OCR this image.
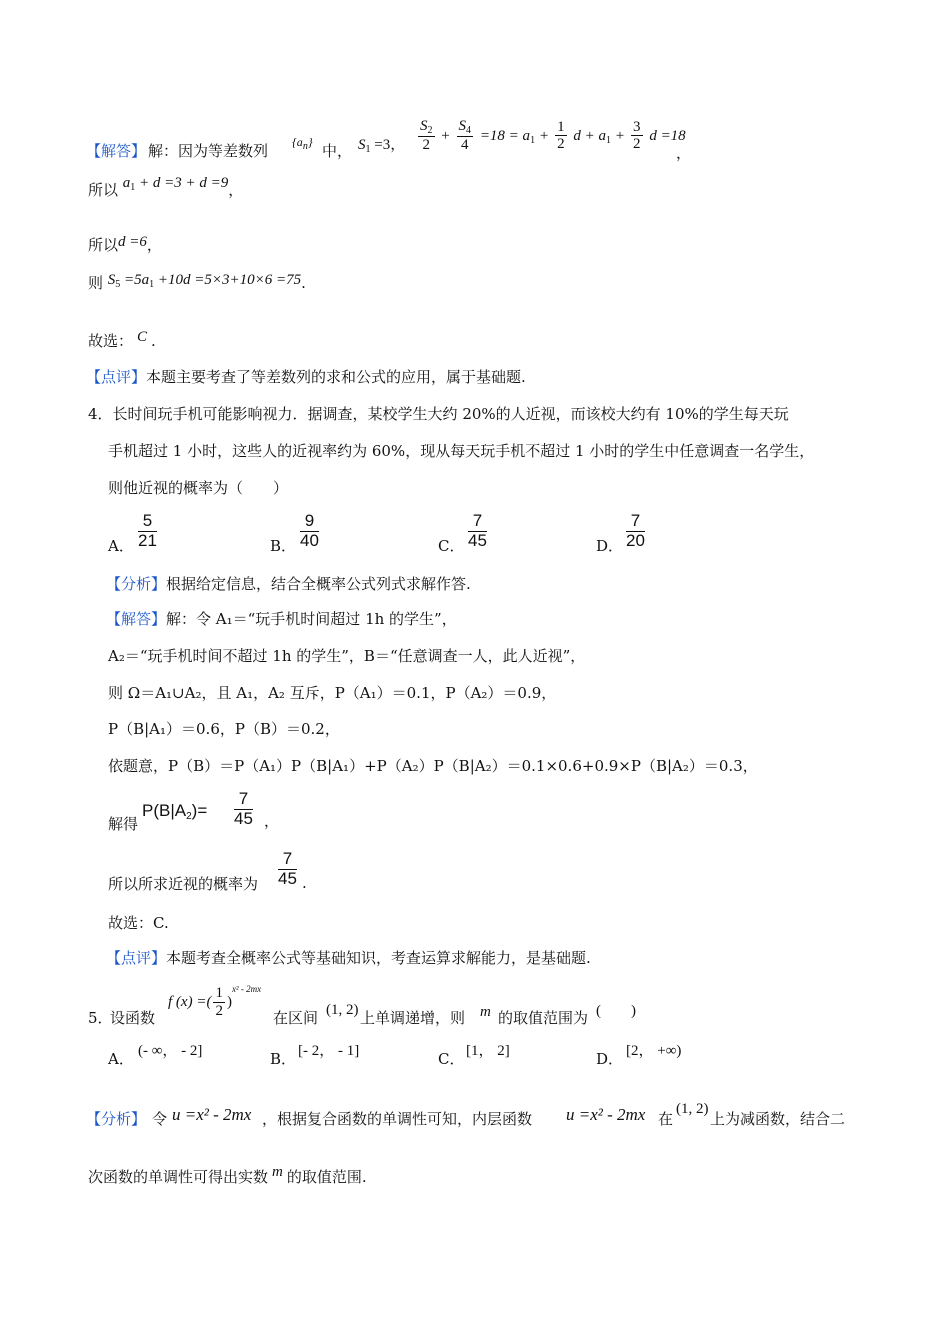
【解答】 解：因为等差数列 $\{a_n\}$ 中， $S_1 =3$， $\frac{S_2}{2} + \frac{S_4}{4} =18 = a_1 + \frac{1}{2}$ $d + a_1 + \frac{3}{2}$ d =18
，
所以 $a_1 + d =3 + d =9$，
所以d =6，
则 $S_5 =5a_1 +10d =5\times 3+10\times 6 =75$.
故选： C .
【点评】本题主要考查了等差数列的求和公式的应用，属于基础题.
4．长时间玩手机可能影响视力．据调查，某校学生大约 20%的人近视，而该校大约有 10%的学生每天玩
手机超过 1 小时，这些人的近视率约为 60%，现从每天玩手机不超过 1 小时的学生中任意调查一名学生，
则他近视的概率为（　　）
A． $\frac{5}{21}$	B． $\frac{9}{40}$	C． $\frac{7}{45}$	D． $\frac{7}{20}$
【分析】根据给定信息，结合全概率公式列式求解作答.
【解答】解：令 A₁＝“玩手机时间超过 1h 的学生”，
A₂＝“玩手机时间不超过 1h 的学生”，B＝“任意调查一人，此人近视”，
则 Ω＝A₁∪A₂，且 A₁，A₂ 互斥，P（A₁）＝0.1，P（A₂）＝0.9，
P（B|A₁）＝0.6，P（B）＝0.2，
依题意，P（B）＝P（A₁）P（B|A₁）+P（A₂）P（B|A₂）＝0.1×0.6+0.9×P（B|A₂）＝0.3，
解得
$P(B|A_2)= \frac{7}{45}$ ，
所以所求近视的概率为 $\frac{7}{45}$ .
故选：C.
【点评】本题考查全概率公式等基础知识，考查运算求解能力，是基础题.
5．
设函数
f (x) =( $\frac{1}{2} )^{x^2 - 2mx}$
在区间 (1, 2) 上单调递增，则 m 的取值范围为 (　　)
A． (- ∞， - 2]	B． [- 2， - 1]	C． [1， 2]	D． [2， +∞)
【分析】 令 u =x² - 2mx ，根据复合函数的单调性可知，内层函数 u =x² - 2mx 在
(1, 2)
上为减函数，结合二
次函数的单调性可得出实数 m 的取值范围.
